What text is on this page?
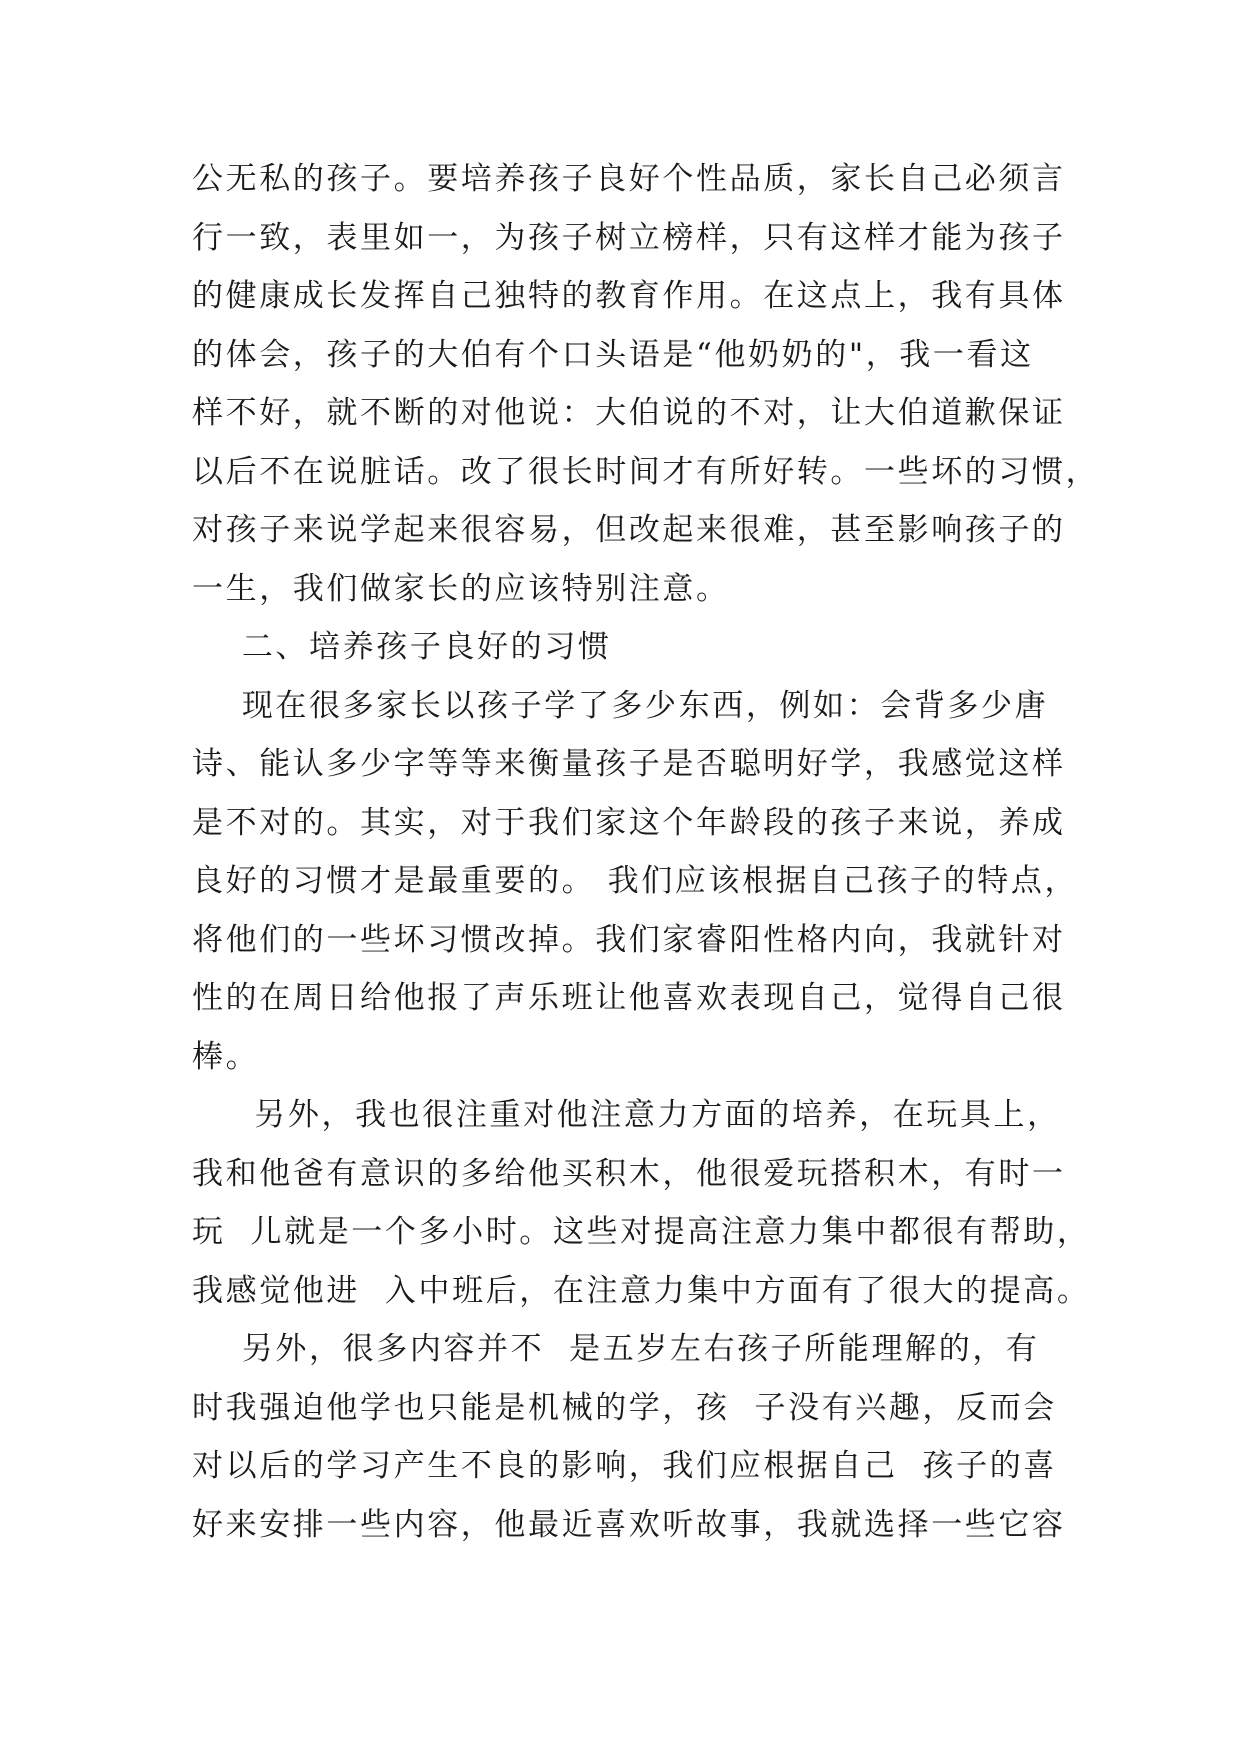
公无私的孩子。要培养孩子良好个性品质，家长自己必须言
行一致，表里如一，为孩子树立榜样，只有这样才能为孩子
的健康成长发挥自己独特的教育作用。在这点上，我有具体
的体会，孩子的大伯有个口头语是“他奶奶的"，我一看这
样不好，就不断的对他说：大伯说的不对，让大伯道歉保证
以后不在说脏话。改了很长时间才有所好转。一些坏的习惯，
对孩子来说学起来很容易，但改起来很难，甚至影响孩子的
一生，我们做家长的应该特别注意。
二、培养孩子良好的习惯
现在很多家长以孩子学了多少东西，例如：会背多少唐
诗、能认多少字等等来衡量孩子是否聪明好学，我感觉这样
是不对的。其实，对于我们家这个年龄段的孩子来说，养成
良好的习惯才是最重要的。 我们应该根据自己孩子的特点，
将他们的一些坏习惯改掉。我们家睿阳性格内向，我就针对
性的在周日给他报了声乐班让他喜欢表现自己，觉得自己很
棒。
另外，我也很注重对他注意力方面的培养，在玩具上，
我和他爸有意识的多给他买积木，他很爱玩搭积木，有时一
玩  儿就是一个多小时。这些对提高注意力集中都很有帮助，
我感觉他进  入中班后，在注意力集中方面有了很大的提高。
另外，很多内容并不  是五岁左右孩子所能理解的，有
时我强迫他学也只能是机械的学，孩  子没有兴趣，反而会
对以后的学习产生不良的影响，我们应根据自己  孩子的喜
好来安排一些内容，他最近喜欢听故事，我就选择一些它容
